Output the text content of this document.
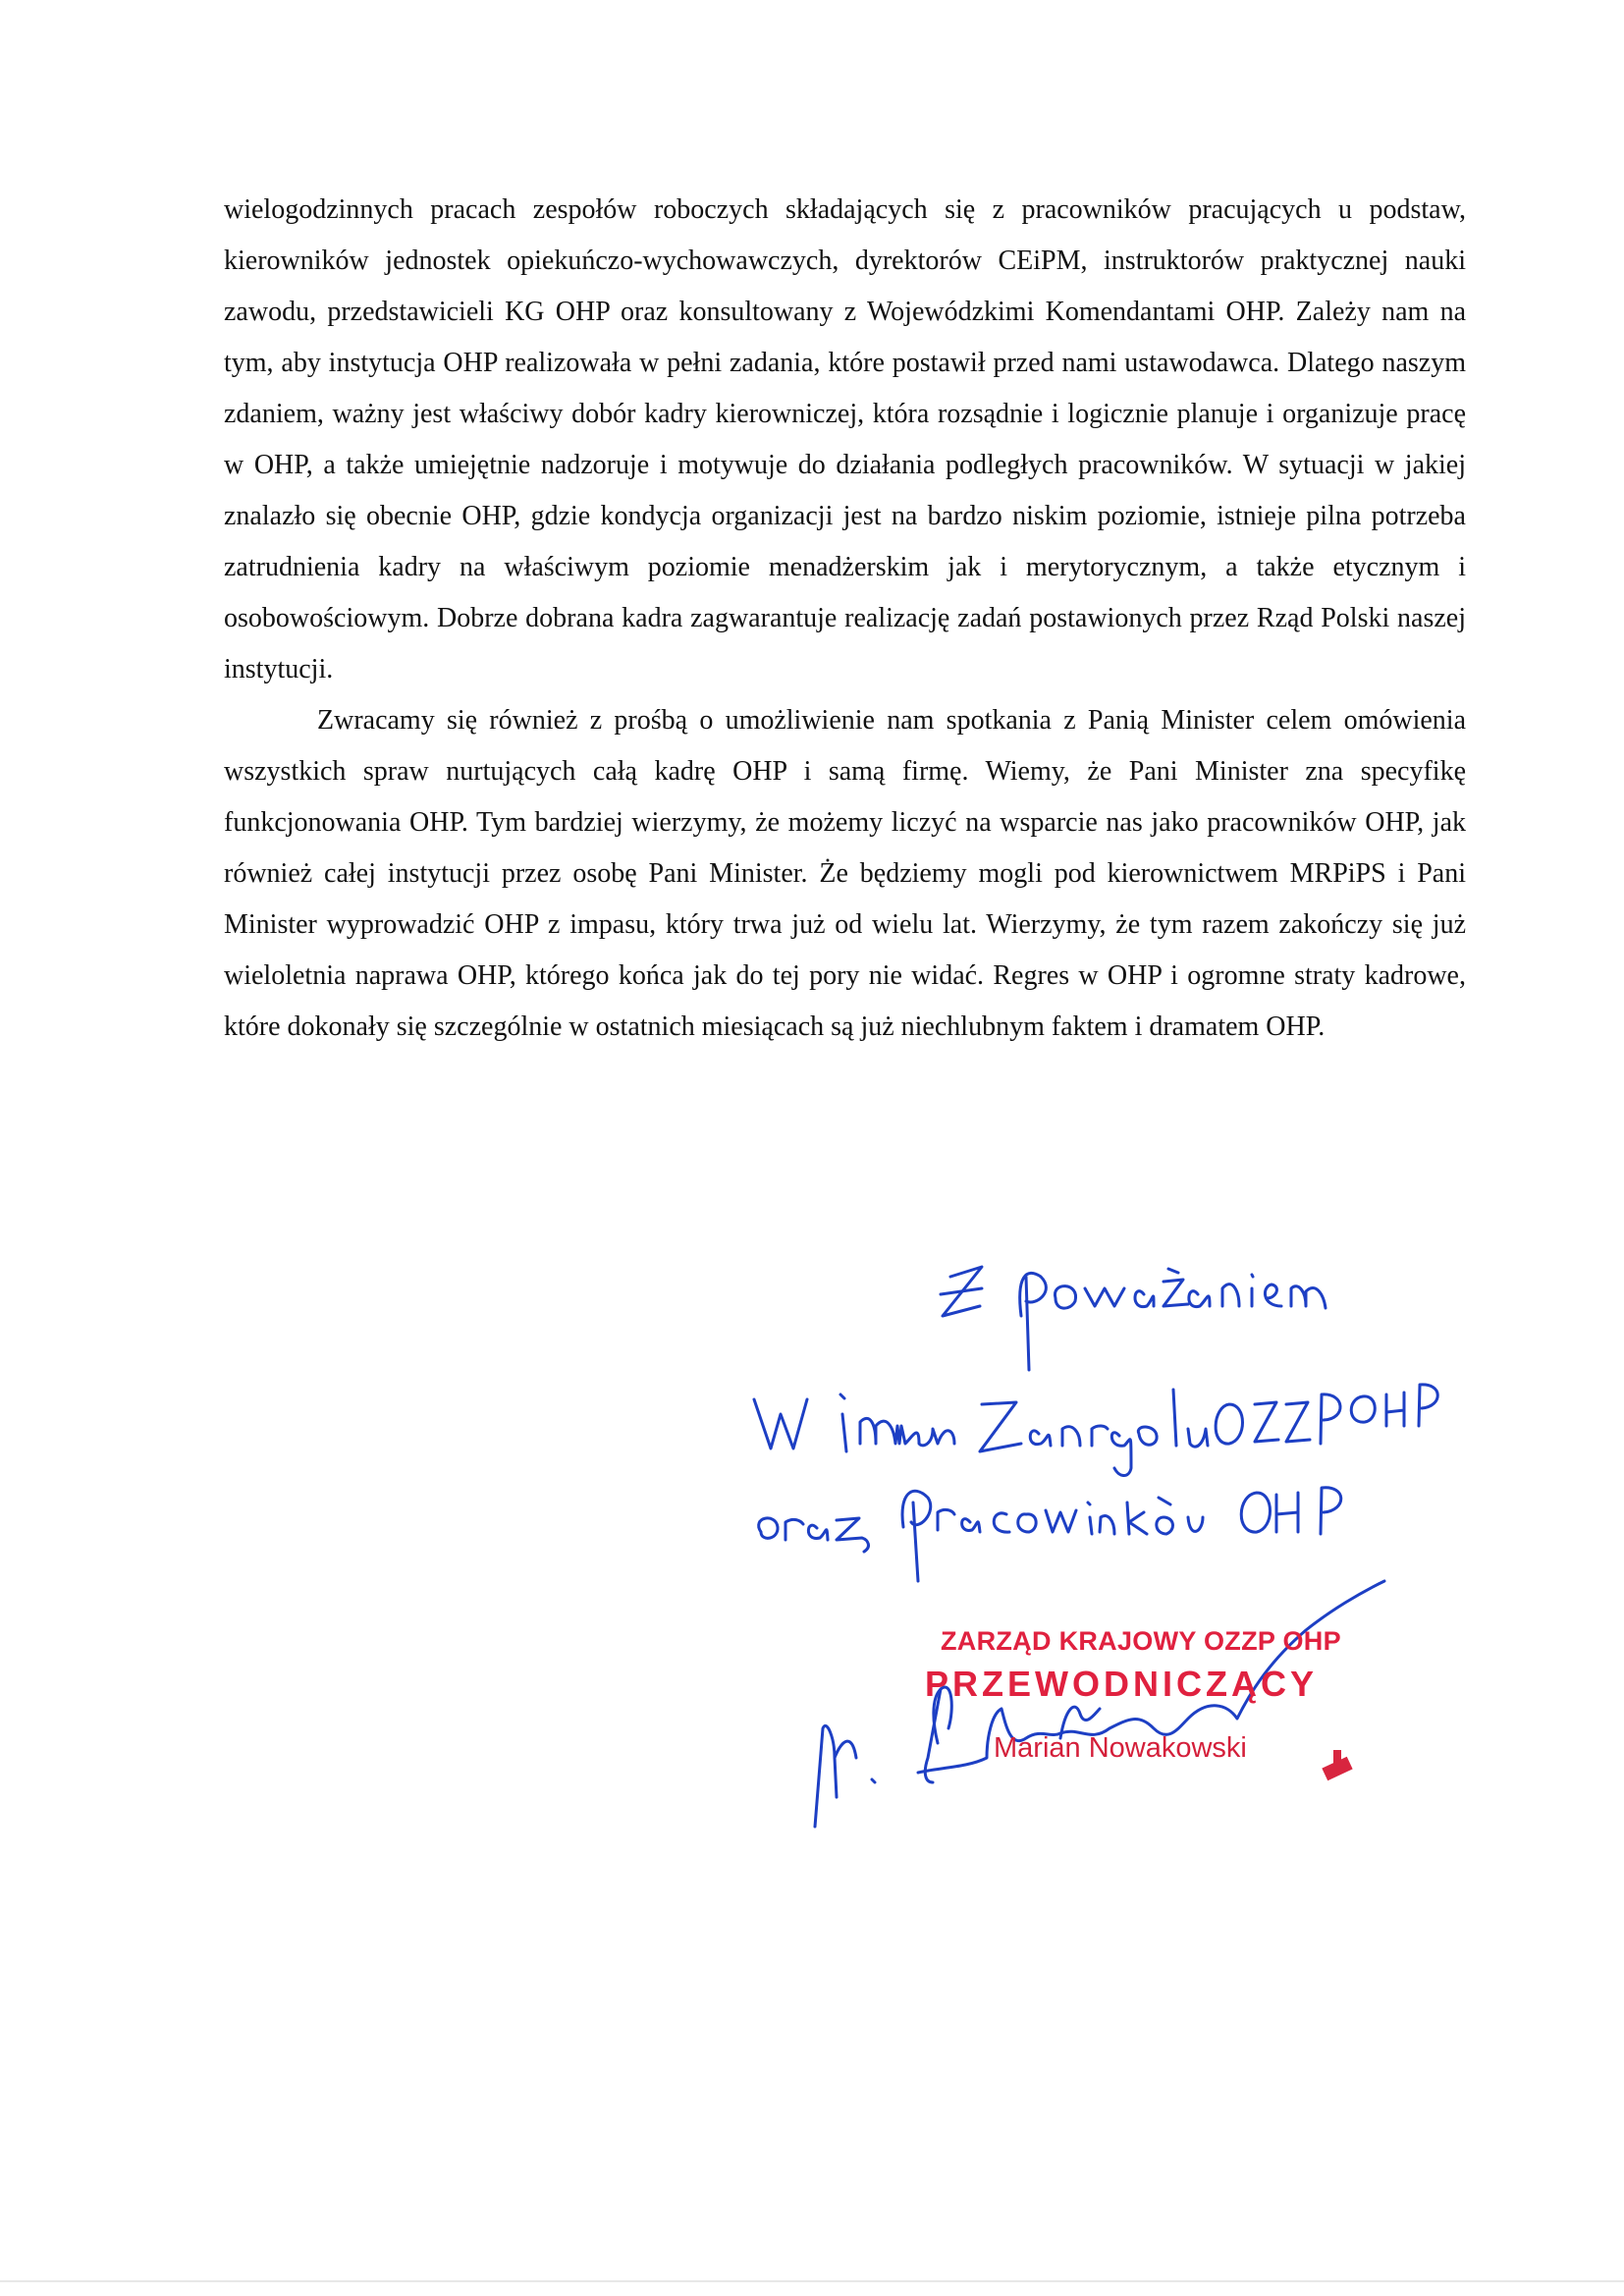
wielogodzinnych pracach zespołów roboczych składających się z pracowników pracujących u podstaw, kierowników jednostek opiekuńczo-wychowawczych, dyrektorów CEiPM, instruktorów praktycznej nauki zawodu, przedstawicieli KG OHP oraz konsultowany z Wojewódzkimi Komendantami OHP. Zależy nam na tym, aby instytucja OHP realizowała w pełni zadania, które postawił przed nami ustawodawca. Dlatego naszym zdaniem, ważny jest właściwy dobór kadry kierowniczej, która rozsądnie i logicznie planuje i organizuje pracę w OHP, a także umiejętnie nadzoruje i motywuje do działania podległych pracowników. W sytuacji w jakiej znalazło się obecnie OHP, gdzie kondycja organizacji jest na bardzo niskim poziomie, istnieje pilna potrzeba zatrudnienia kadry na właściwym poziomie menadżerskim jak i merytorycznym, a także etycznym i osobowościowym. Dobrze dobrana kadra zagwarantuje realizację zadań postawionych przez Rząd Polski naszej instytucji.

Zwracamy się również z prośbą o umożliwienie nam spotkania z Panią Minister celem omówienia wszystkich spraw nurtujących całą kadrę OHP i samą firmę. Wiemy, że Pani Minister zna specyfikę funkcjonowania OHP. Tym bardziej wierzymy, że możemy liczyć na wsparcie nas jako pracowników OHP, jak również całej instytucji przez osobę Pani Minister. Że będziemy mogli pod kierownictwem MRPiPS i Pani Minister wyprowadzić OHP z impasu, który trwa już od wielu lat. Wierzymy, że tym razem zakończy się już wieloletnia naprawa OHP, którego końca jak do tej pory nie widać. Regres w OHP i ogromne straty kadrowe, które dokonały się szczególnie w ostatnich miesiącach są już niechlubnym faktem i dramatem OHP.

ZARZĄD KRAJOWY OZZP OHP
PRZEWODNICZĄCY
Marian Nowakowski
